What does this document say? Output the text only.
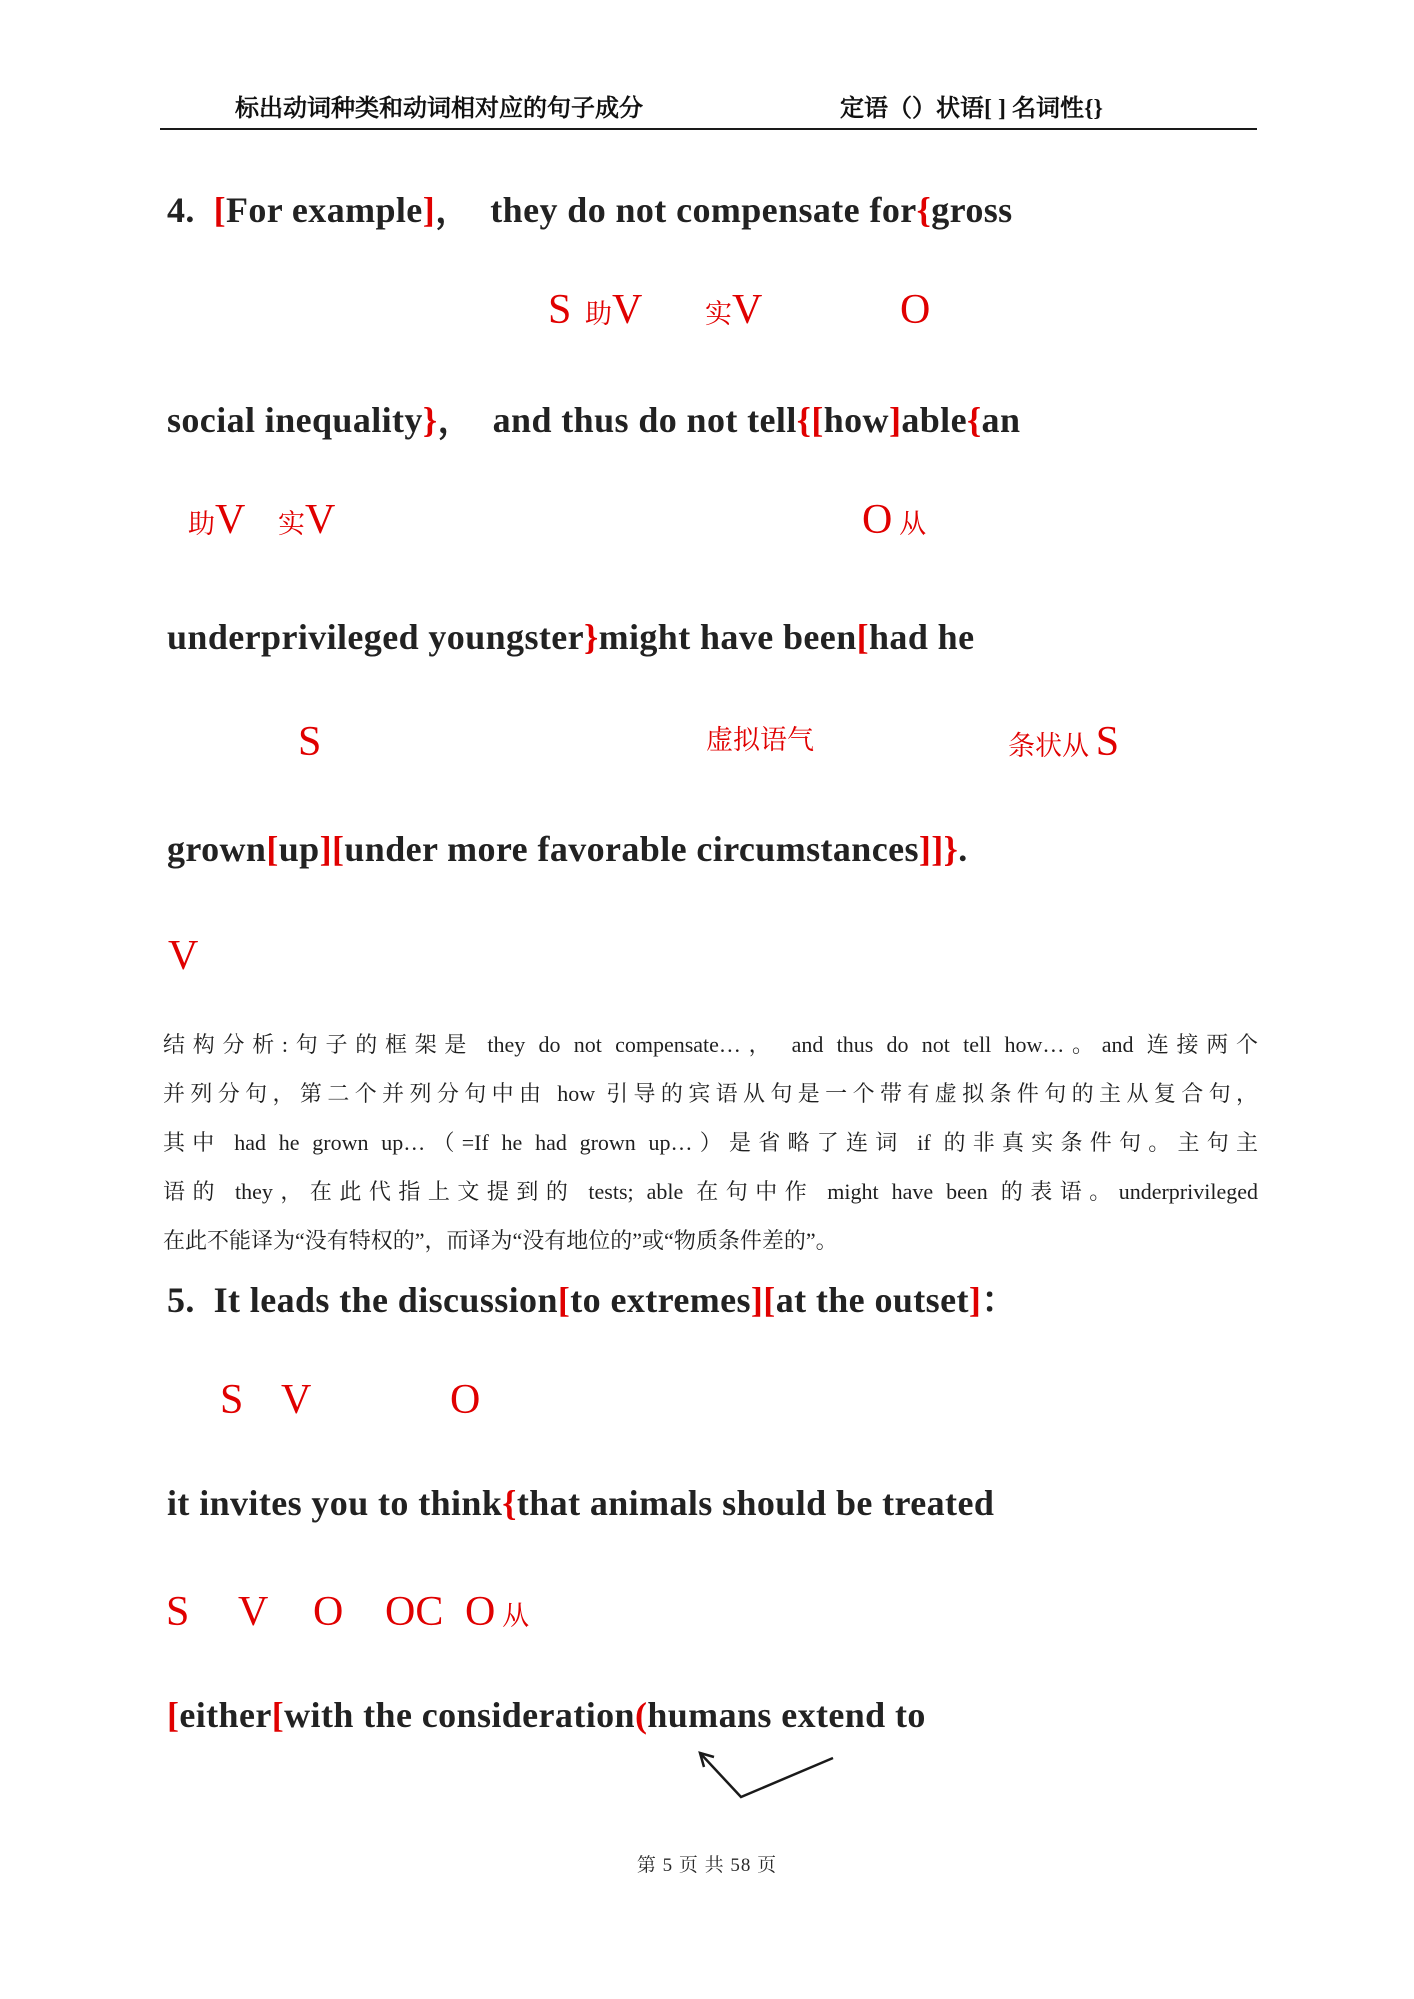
标出动词种类和动词相对应的句子成分	定语（）状语[ ] 名词性{}
4.  [For example]，  they do not compensate for{gross
S 助V 实V	O
social inequality}，  and thus do not tell{[how]able{an
助V 实V	O 从
underprivileged youngster}might have been[had he
S	虚拟语气	条状从 S
grown[up][under more favorable circumstances]]}.
V
结构分析:句子的框架是 they do not compensate…， and thus do not tell how…。and 连接两个
并列分句，第二个并列分句中由 how 引导的宾语从句是一个带有虚拟条件句的主从复合句，
其中 had he grown up…（=If he had grown up…）是省略了连词 if 的非真实条件句。主句主
语的 they，在此代指上文提到的 tests; able 在句中作 might have been 的表语。underprivileged
在此不能译为“没有特权的”，而译为“没有地位的”或“物质条件差的”。
5.  It leads the discussion[to extremes][at the outset]：
S V	O
it invites you to think{that animals should be treated
S V O OC O 从
[either[with the consideration(humans extend to
第 5 页 共 58 页
